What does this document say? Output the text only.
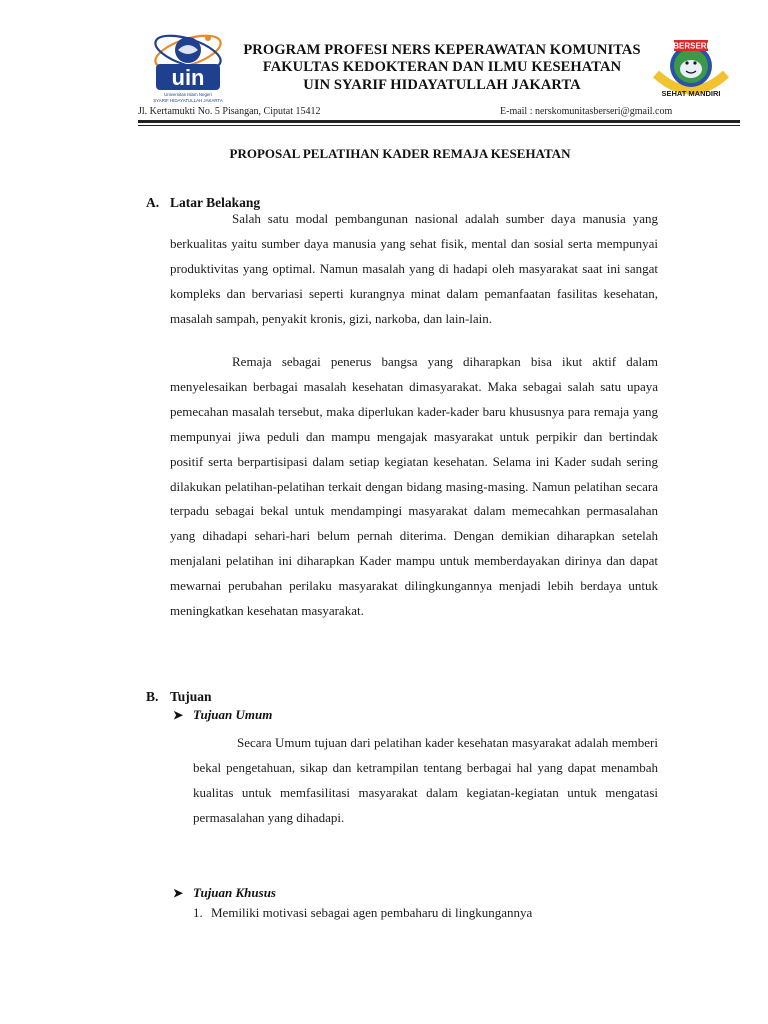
uin
Universitas Islam Negeri
SYARIF HIDAYATULLAH JAKARTA
PROGRAM PROFESI NERS KEPERAWATAN KOMUNITAS
FAKULTAS KEDOKTERAN DAN ILMU KESEHATAN
UIN SYARIF HIDAYATULLAH JAKARTA
BERSERI
SEHAT MANDIRI
Jl. Kertamukti No. 5 Pisangan, Ciputat 15412	E-mail : nerskomunitasberseri@gmail.com
PROPOSAL PELATIHAN KADER REMAJA KESEHATAN
A. Latar Belakang

Salah satu modal pembangunan nasional adalah sumber daya manusia yang berkualitas yaitu sumber daya manusia yang sehat fisik, mental dan sosial serta mempunyai produktivitas yang optimal. Namun masalah yang di hadapi oleh masyarakat saat ini sangat kompleks dan bervariasi seperti kurangnya minat dalam pemanfaatan fasilitas kesehatan, masalah sampah, penyakit kronis, gizi, narkoba, dan lain-lain.

Remaja sebagai penerus bangsa yang diharapkan bisa ikut aktif dalam menyelesaikan berbagai masalah kesehatan dimasyarakat. Maka sebagai salah satu upaya pemecahan masalah tersebut, maka diperlukan kader-kader baru khususnya para remaja yang mempunyai jiwa peduli dan mampu mengajak masyarakat untuk perpikir dan bertindak positif serta berpartisipasi dalam setiap kegiatan kesehatan. Selama ini Kader sudah sering dilakukan pelatihan-pelatihan terkait dengan bidang masing-masing. Namun pelatihan secara terpadu sebagai bekal untuk mendampingi masyarakat dalam memecahkan permasalahan yang dihadapi sehari-hari belum pernah diterima. Dengan demikian diharapkan setelah menjalani pelatihan ini diharapkan Kader mampu untuk memberdayakan dirinya dan dapat mewarnai perubahan perilaku masyarakat dilingkungannya menjadi lebih berdaya untuk meningkatkan kesehatan masyarakat.

B. Tujuan
➤ Tujuan Umum

Secara Umum tujuan dari pelatihan kader kesehatan masyarakat adalah memberi bekal pengetahuan, sikap dan ketrampilan tentang berbagai hal yang dapat menambah kualitas untuk memfasilitasi masyarakat dalam kegiatan-kegiatan untuk mengatasi permasalahan yang dihadapi.

➤ Tujuan Khusus
1. Memiliki motivasi sebagai agen pembaharu di lingkungannya
